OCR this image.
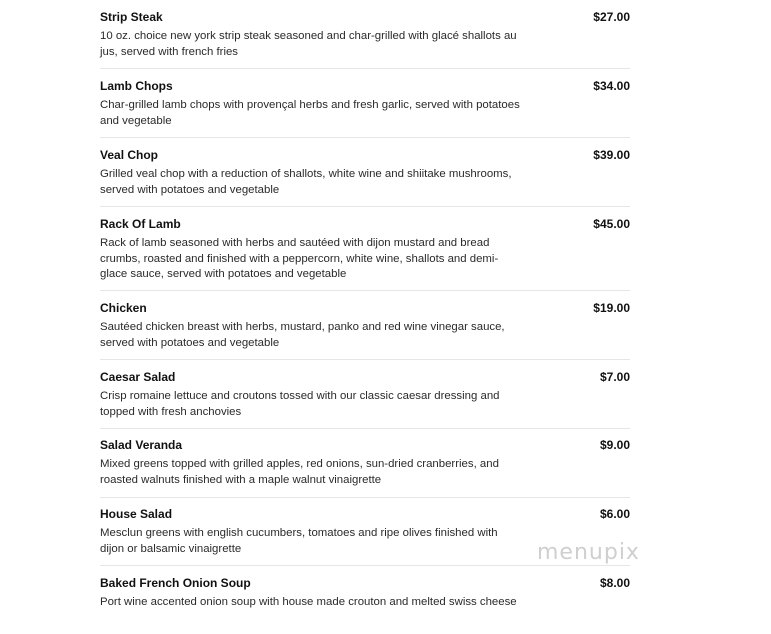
Strip Steak	$27.00
10 oz. choice new york strip steak seasoned and char-grilled with glacé shallots au jus, served with french fries
Lamb Chops	$34.00
Char-grilled lamb chops with provençal herbs and fresh garlic, served with potatoes and vegetable
Veal Chop	$39.00
Grilled veal chop with a reduction of shallots, white wine and shiitake mushrooms, served with potatoes and vegetable
Rack Of Lamb	$45.00
Rack of lamb seasoned with herbs and sautéed with dijon mustard and bread crumbs, roasted and finished with a peppercorn, white wine, shallots and demi-glace sauce, served with potatoes and vegetable
Chicken	$19.00
Sautéed chicken breast with herbs, mustard, panko and red wine vinegar sauce, served with potatoes and vegetable
Caesar Salad	$7.00
Crisp romaine lettuce and croutons tossed with our classic caesar dressing and topped with fresh anchovies
Salad Veranda	$9.00
Mixed greens topped with grilled apples, red onions, sun-dried cranberries, and roasted walnuts finished with a maple walnut vinaigrette
House Salad	$6.00
Mesclun greens with english cucumbers, tomatoes and ripe olives finished with dijon or balsamic vinaigrette
Baked French Onion Soup	$8.00
Port wine accented onion soup with house made crouton and melted swiss cheese
menupix
